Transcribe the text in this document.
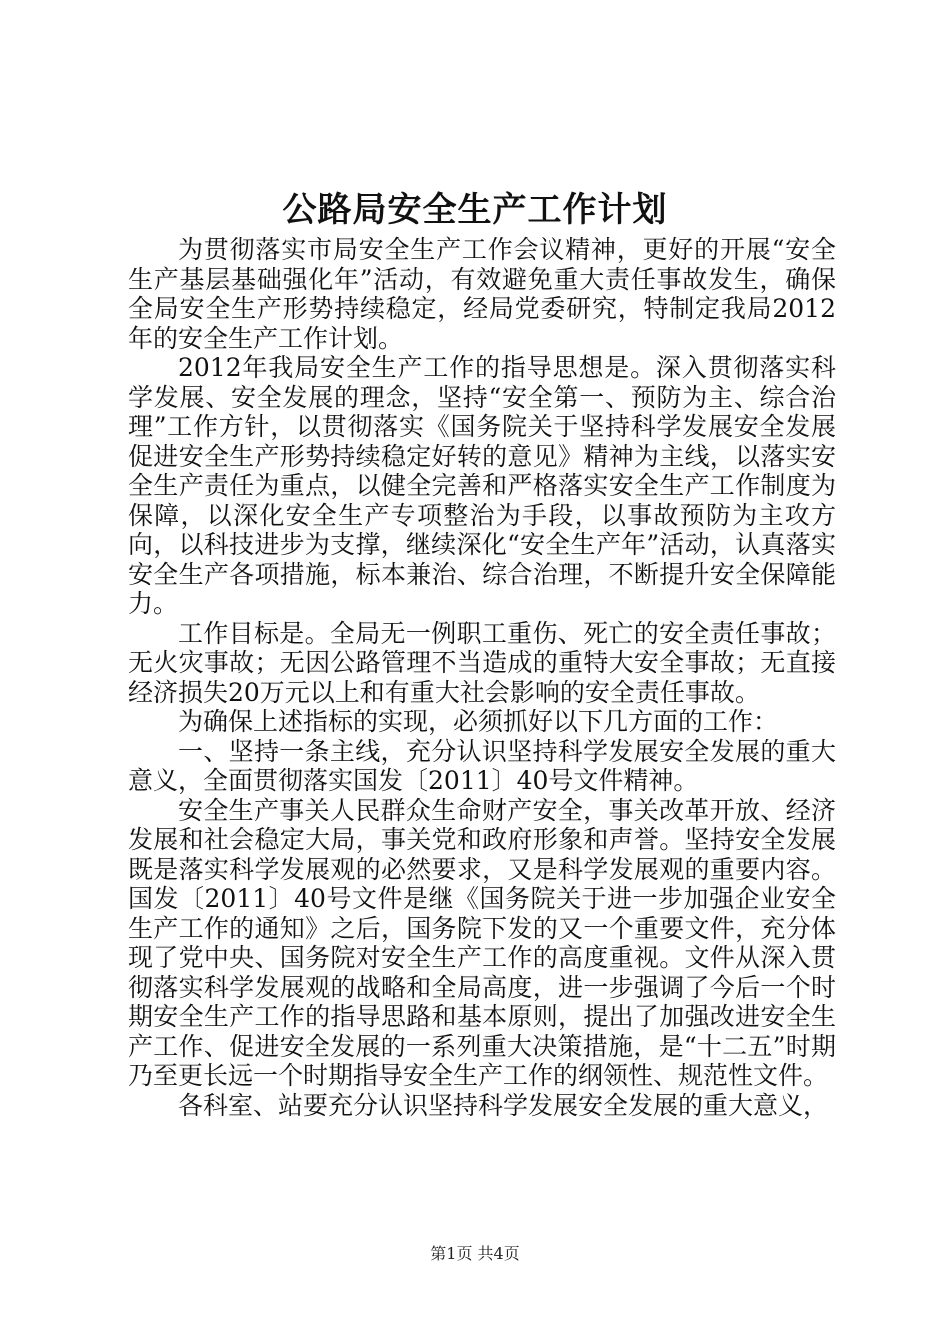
公路局安全生产工作计划

为贯彻落实市局安全生产工作会议精神，更好的开展“安全生产基层基础强化年”活动，有效避免重大责任事故发生，确保全局安全生产形势持续稳定，经局党委研究，特制定我局2012年的安全生产工作计划。

2012年我局安全生产工作的指导思想是。深入贯彻落实科学发展、安全发展的理念，坚持“安全第一、预防为主、综合治理”工作方针，以贯彻落实《国务院关于坚持科学发展安全发展促进安全生产形势持续稳定好转的意见》精神为主线，以落实安全生产责任为重点，以健全完善和严格落实安全生产工作制度为保障，以深化安全生产专项整治为手段，以事故预防为主攻方向，以科技进步为支撑，继续深化“安全生产年”活动，认真落实安全生产各项措施，标本兼治、综合治理，不断提升安全保障能力。

工作目标是。全局无一例职工重伤、死亡的安全责任事故；无火灾事故；无因公路管理不当造成的重特大安全事故；无直接经济损失20万元以上和有重大社会影响的安全责任事故。

为确保上述指标的实现，必须抓好以下几方面的工作：

一、坚持一条主线，充分认识坚持科学发展安全发展的重大意义，全面贯彻落实国发〔2011〕40号文件精神。

安全生产事关人民群众生命财产安全，事关改革开放、经济发展和社会稳定大局，事关党和政府形象和声誉。坚持安全发展既是落实科学发展观的必然要求，又是科学发展观的重要内容。国发〔2011〕40号文件是继《国务院关于进一步加强企业安全生产工作的通知》之后，国务院下发的又一个重要文件，充分体现了党中央、国务院对安全生产工作的高度重视。文件从深入贯彻落实科学发展观的战略和全局高度，进一步强调了今后一个时期安全生产工作的指导思路和基本原则，提出了加强改进安全生产工作、促进安全发展的一系列重大决策措施，是“十二五”时期乃至更长远一个时期指导安全生产工作的纲领性、规范性文件。

各科室、站要充分认识坚持科学发展安全发展的重大意义，

第1页 共4页
